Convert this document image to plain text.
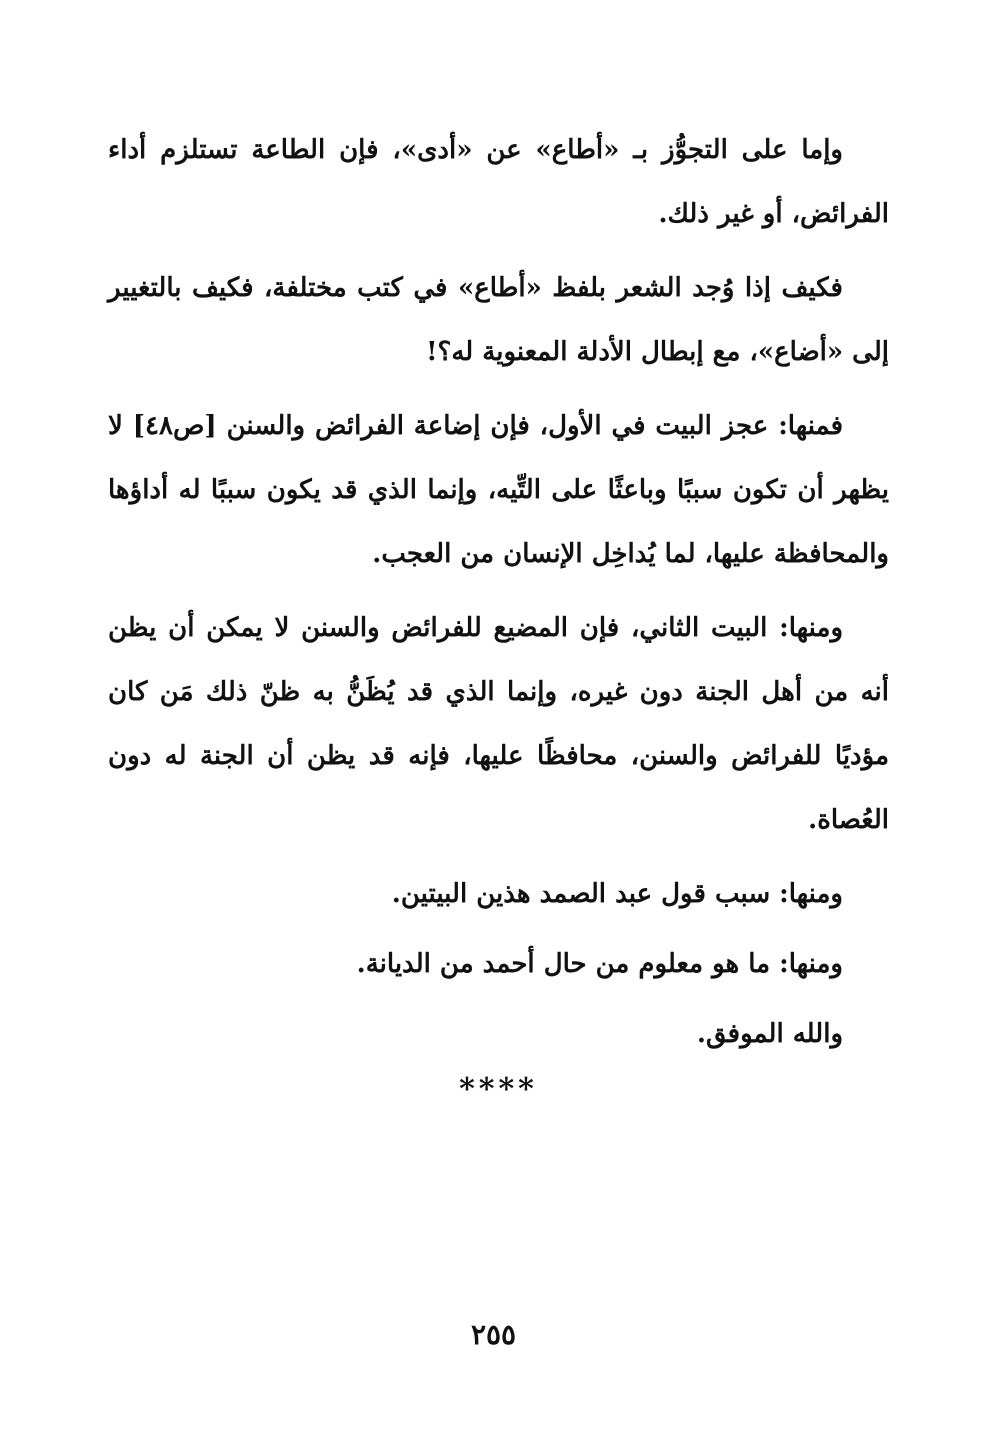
وإما على التجوُّز بـ «أطاع» عن «أدى»، فإن الطاعة تستلزم أداء الفرائض، أو غير ذلك.

فكيف إذا وُجد الشعر بلفظ «أطاع» في كتب مختلفة، فكيف بالتغيير إلى «أضاع»، مع إبطال الأدلة المعنوية له؟!

فمنها: عجز البيت في الأول، فإن إضاعة الفرائض والسنن [ص٤٨] لا يظهر أن تكون سببًا وباعثًا على التِّيه، وإنما الذي قد يكون سببًا له أداؤها والمحافظة عليها، لما يُداخِل الإنسان من العجب.

ومنها: البيت الثاني، فإن المضيع للفرائض والسنن لا يمكن أن يظن أنه من أهل الجنة دون غيره، وإنما الذي قد يُظَنُّ به ظنّ ذلك مَن كان مؤديًا للفرائض والسنن، محافظًا عليها، فإنه قد يظن أن الجنة له دون العُصاة.

ومنها: سبب قول عبد الصمد هذين البيتين.

ومنها: ما هو معلوم من حال أحمد من الديانة.

والله الموفق.

****
٢٥٥
